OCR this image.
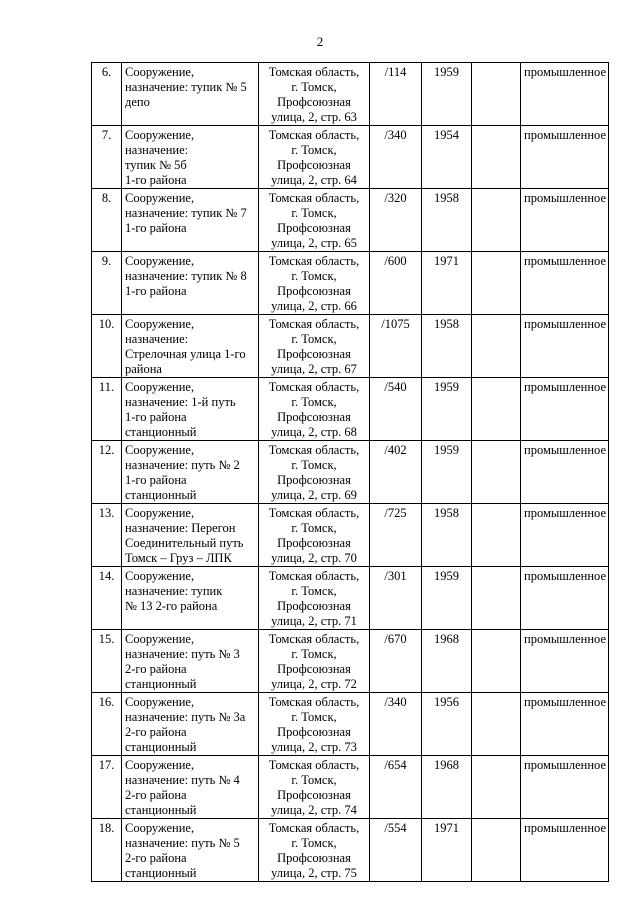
2
6.	Сооружение,
назначение: тупик № 5
депо	Томская область,
г. Томск,
Профсоюзная
улица, 2, стр. 63	/114	1959		промышленное
7.	Сооружение,
назначение:
тупик № 5б
1-го района	Томская область,
г. Томск,
Профсоюзная
улица, 2, стр. 64	/340	1954		промышленное
8.	Сооружение,
назначение: тупик № 7
1-го района	Томская область,
г. Томск,
Профсоюзная
улица, 2, стр. 65	/320	1958		промышленное
9.	Сооружение,
назначение: тупик № 8
1-го района	Томская область,
г. Томск,
Профсоюзная
улица, 2, стр. 66	/600	1971		промышленное
10.	Сооружение,
назначение:
Стрелочная улица 1-го
района	Томская область,
г. Томск,
Профсоюзная
улица, 2, стр. 67	/1075	1958		промышленное
11.	Сооружение,
назначение: 1-й путь
1-го района
станционный	Томская область,
г. Томск,
Профсоюзная
улица, 2, стр. 68	/540	1959		промышленное
12.	Сооружение,
назначение: путь № 2
1-го района
станционный	Томская область,
г. Томск,
Профсоюзная
улица, 2, стр. 69	/402	1959		промышленное
13.	Сооружение,
назначение: Перегон
Соединительный путь
Томск – Груз – ЛПК	Томская область,
г. Томск,
Профсоюзная
улица, 2, стр. 70	/725	1958		промышленное
14.	Сооружение,
назначение: тупик
№ 13 2-го района	Томская область,
г. Томск,
Профсоюзная
улица, 2, стр. 71	/301	1959		промышленное
15.	Сооружение,
назначение: путь № 3
2-го района
станционный	Томская область,
г. Томск,
Профсоюзная
улица, 2, стр. 72	/670	1968		промышленное
16.	Сооружение,
назначение: путь № 3а
2-го района
станционный	Томская область,
г. Томск,
Профсоюзная
улица, 2, стр. 73	/340	1956		промышленное
17.	Сооружение,
назначение: путь № 4
2-го района
станционный	Томская область,
г. Томск,
Профсоюзная
улица, 2, стр. 74	/654	1968		промышленное
18.	Сооружение,
назначение: путь № 5
2-го района
станционный	Томская область,
г. Томск,
Профсоюзная
улица, 2, стр. 75	/554	1971		промышленное
